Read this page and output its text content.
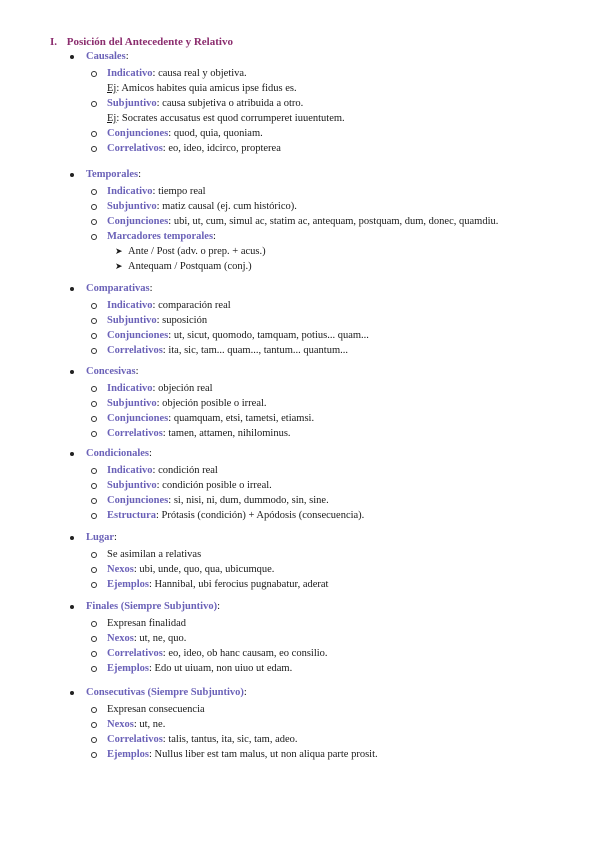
I. Posición del Antecedente y Relativo
Causales:
Indicativo: causa real y objetiva.
Ej: Amicos habites quia amicus ipse fidus es.
Subjuntivo: causa subjetiva o atribuida a otro.
Ej: Socrates accusatus est quod corrumperet iuuentutem.
Conjunciones: quod, quia, quoniam.
Correlativos: eo, ideo, idcirco, propterea
Temporales:
Indicativo: tiempo real
Subjuntivo: matiz causal (ej. cum histórico).
Conjunciones: ubi, ut, cum, simul ac, statim ac, antequam, postquam, dum, donec, quamdiu.
Marcadores temporales:
➤ Ante / Post (adv. o prep. + acus.)
➤ Antequam / Postquam (conj.)
Comparativas:
Indicativo: comparación real
Subjuntivo: suposición
Conjunciones: ut, sicut, quomodo, tamquam, potius... quam...
Correlativos: ita, sic, tam... quam..., tantum... quantum...
Concesivas:
Indicativo: objeción real
Subjuntivo: objeción posible o irreal.
Conjunciones: quamquam, etsi, tametsi, etiamsi.
Correlativos: tamen, attamen, nihilominus.
Condicionales:
Indicativo: condición real
Subjuntivo: condición posible o irreal.
Conjunciones: si, nisi, ni, dum, dummodo, sin, sine.
Estructura: Prótasis (condición) + Apódosis (consecuencia).
Lugar:
Se asimilan a relativas
Nexos: ubi, unde, quo, qua, ubicumque.
Ejemplos: Hannibal, ubi ferocius pugnabatur, aderat
Finales (Siempre Subjuntivo):
Expresan finalidad
Nexos: ut, ne, quo.
Correlativos: eo, ideo, ob hanc causam, eo consilio.
Ejemplos: Edo ut uiuam, non uiuo ut edam.
Consecutivas (Siempre Subjuntivo):
Expresan consecuencia
Nexos: ut, ne.
Correlativos: talis, tantus, ita, sic, tam, adeo.
Ejemplos: Nullus liber est tam malus, ut non aliqua parte prosit.
